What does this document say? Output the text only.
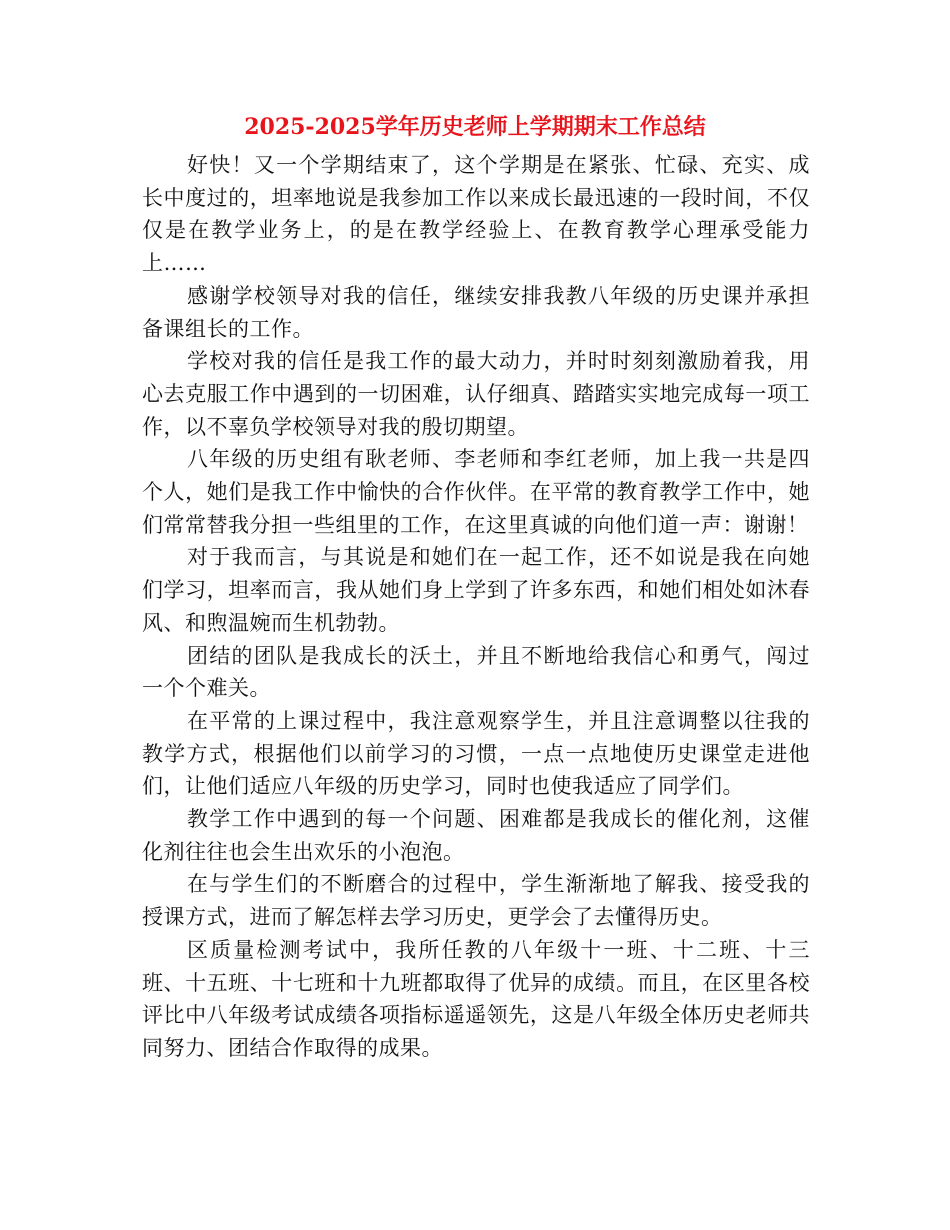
2025-2025学年历史老师上学期期末工作总结

好快！又一个学期结束了，这个学期是在紧张、忙碌、充实、成长中度过的，坦率地说是我参加工作以来成长最迅速的一段时间，不仅仅是在教学业务上，的是在教学经验上、在教育教学心理承受能力上……

感谢学校领导对我的信任，继续安排我教八年级的历史课并承担备课组长的工作。

学校对我的信任是我工作的最大动力，并时时刻刻激励着我，用心去克服工作中遇到的一切困难，认仔细真、踏踏实实地完成每一项工作，以不辜负学校领导对我的殷切期望。

八年级的历史组有耿老师、李老师和李红老师，加上我一共是四个人，她们是我工作中愉快的合作伙伴。在平常的教育教学工作中，她们常常替我分担一些组里的工作，在这里真诚的向他们道一声：谢谢！

对于我而言，与其说是和她们在一起工作，还不如说是我在向她们学习，坦率而言，我从她们身上学到了许多东西，和她们相处如沐春风、和煦温婉而生机勃勃。

团结的团队是我成长的沃土，并且不断地给我信心和勇气，闯过一个个难关。

在平常的上课过程中，我注意观察学生，并且注意调整以往我的教学方式，根据他们以前学习的习惯，一点一点地使历史课堂走进他们，让他们适应八年级的历史学习，同时也使我适应了同学们。

教学工作中遇到的每一个问题、困难都是我成长的催化剂，这催化剂往往也会生出欢乐的小泡泡。

在与学生们的不断磨合的过程中，学生渐渐地了解我、接受我的授课方式，进而了解怎样去学习历史，更学会了去懂得历史。

区质量检测考试中，我所任教的八年级十一班、十二班、十三班、十五班、十七班和十九班都取得了优异的成绩。而且，在区里各校评比中八年级考试成绩各项指标遥遥领先，这是八年级全体历史老师共同努力、团结合作取得的成果。
